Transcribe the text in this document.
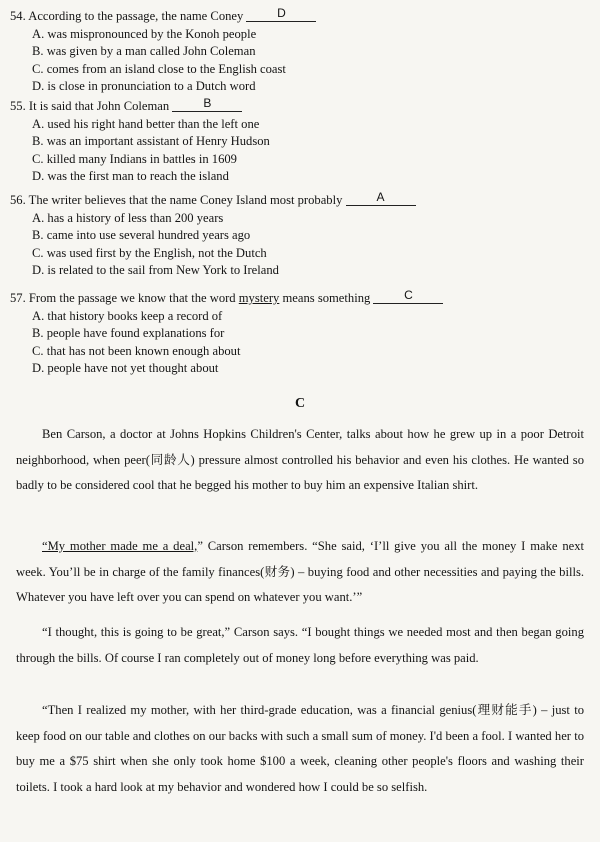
54. According to the passage, the name Coney	D
A. was mispronounced by the Konoh people
B. was given by a man called John Coleman
C. comes from an island close to the English coast
D. is close in pronunciation to a Dutch word
55. It is said that John Coleman	B
A. used his right hand better than the left one
B. was an important assistant of Henry Hudson
C. killed many Indians in battles in 1609
D. was the first man to reach the island
56. The writer believes that the name Coney Island most probably	A
A. has a history of less than 200 years
B. came into use several hundred years ago
C. was used first by the English, not the Dutch
D. is related to the sail from New York to Ireland
57. From the passage we know that the word mystery means something	C
A. that history books keep a record of
B. people have found explanations for
C. that has not been known enough about
D. people have not yet thought about
C
Ben Carson, a doctor at Johns Hopkins Children's Center, talks about how he grew up in a poor Detroit neighborhood, when peer(同龄人) pressure almost controlled his behavior and even his clothes. He wanted so badly to be considered cool that he begged his mother to buy him an expensive Italian shirt.
“My mother made me a deal,” Carson remembers. “She said, ‘I’ll give you all the money I make next week. You’ll be in charge of the family finances(财务) – buying food and other necessities and paying the bills. Whatever you have left over you can spend on whatever you want.’”
“I thought, this is going to be great,” Carson says. “I bought things we needed most and then began going through the bills. Of course I ran completely out of money long before everything was paid.
“Then I realized my mother, with her third-grade education, was a financial genius(理财能手) – just to keep food on our table and clothes on our backs with such a small sum of money. I'd been a fool. I wanted her to buy me a $75 shirt when she only took home $100 a week, cleaning other people's floors and washing their toilets. I took a hard look at my behavior and wondered how I could be so selfish.
